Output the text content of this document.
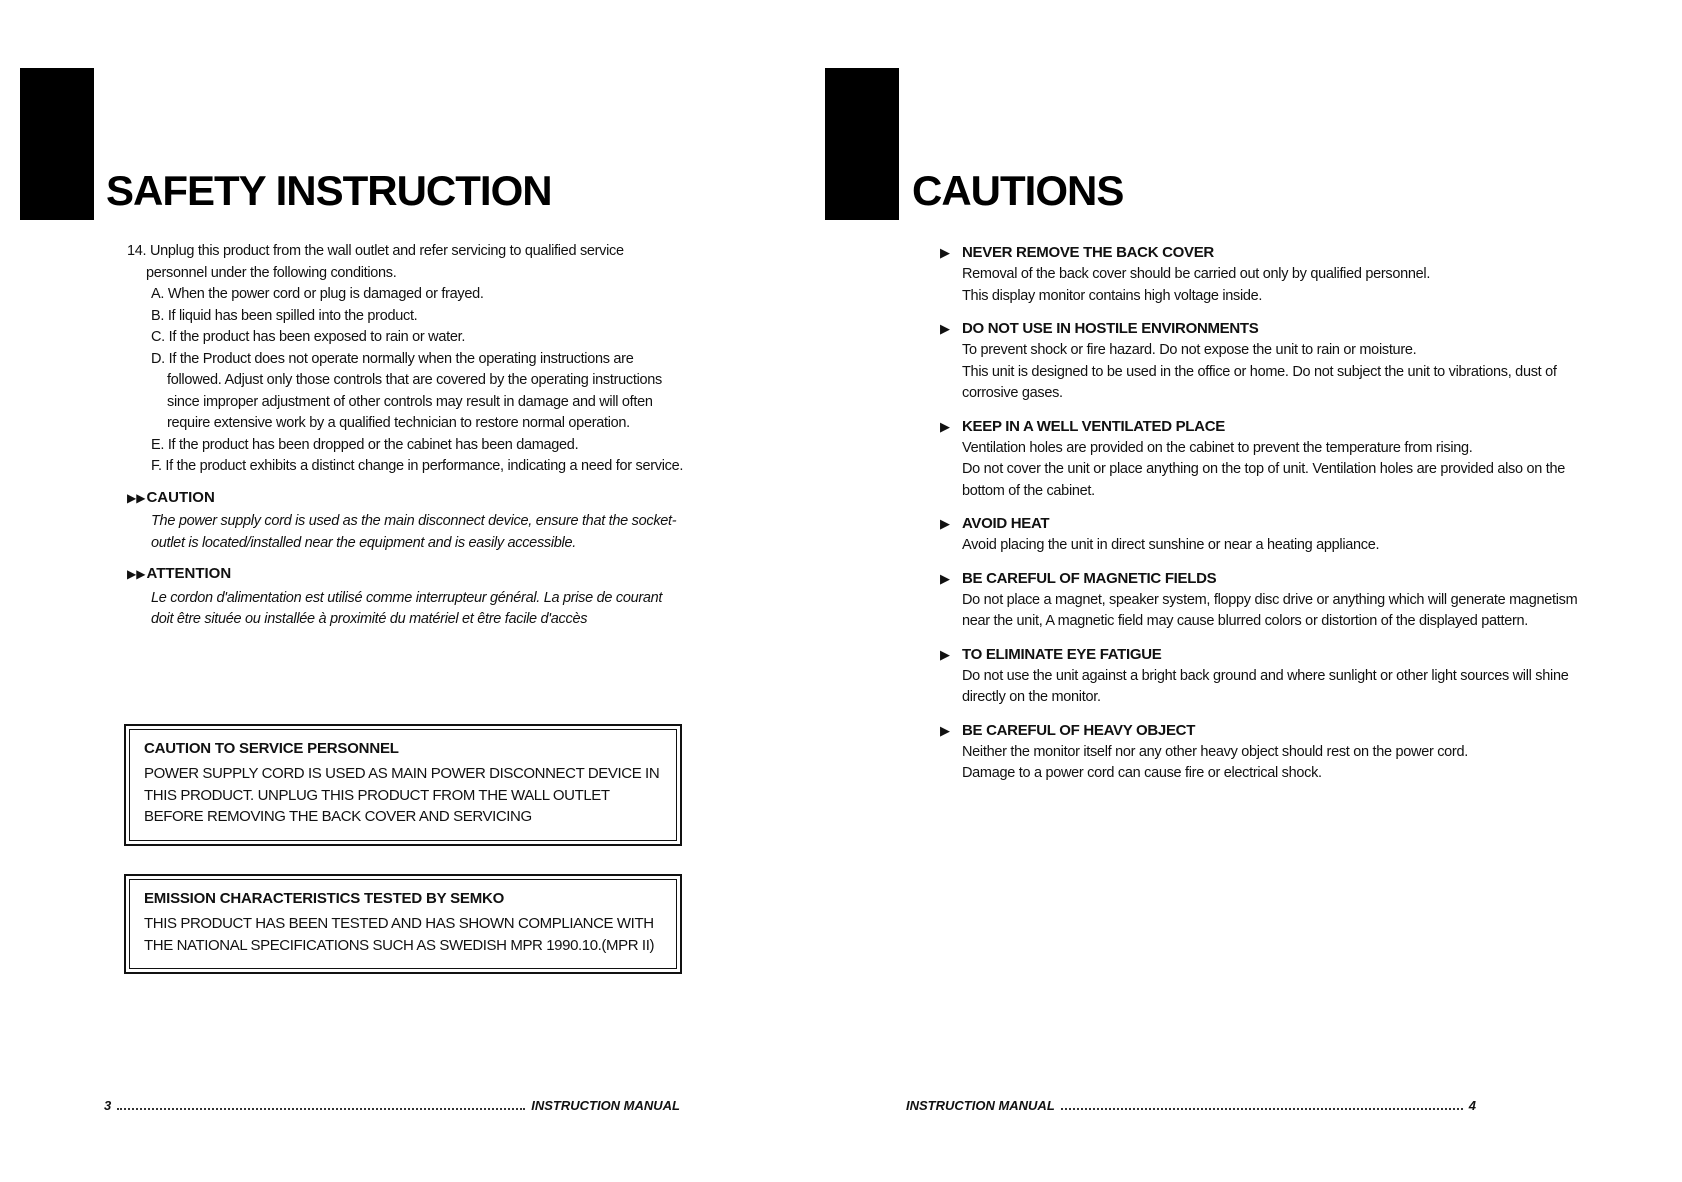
SAFETY INSTRUCTION

14. Unplug this product from the wall outlet and refer servicing to qualified service personnel under the following conditions.

A. When the power cord or plug is damaged or frayed.
B. If liquid has been spilled into the product.
C. If the product has been exposed to rain or water.
D. If the Product does not operate normally when the operating instructions are followed. Adjust only those controls that are covered by the operating instructions since improper adjustment of other controls may result in damage and will often require extensive work by a qualified technician to restore normal operation.
E. If the product has been dropped or the cabinet has been damaged.
F. If the product exhibits a distinct change in performance, indicating a need for service.
▶▶CAUTION

The power supply cord is used as the main disconnect device, ensure that the socket-outlet is located/installed near the equipment and is easily accessible.

▶▶ATTENTION

Le cordon d'alimentation est utilisé comme interrupteur général. La prise de courant doit être située ou installée à proximité du matériel et être facile d'accès

CAUTION TO SERVICE PERSONNEL

POWER SUPPLY CORD IS USED AS MAIN POWER DISCONNECT DEVICE IN THIS PRODUCT. UNPLUG THIS PRODUCT FROM THE WALL OUTLET BEFORE REMOVING THE BACK COVER AND SERVICING

EMISSION CHARACTERISTICS TESTED BY SEMKO

THIS PRODUCT HAS BEEN TESTED AND HAS SHOWN COMPLIANCE WITH THE NATIONAL SPECIFICATIONS SUCH AS SWEDISH MPR 1990.10.(MPR II)

3	INSTRUCTION MANUAL
CAUTIONS
▶ NEVER REMOVE THE BACK COVER

Removal of the back cover should be carried out only by qualified personnel.

This display monitor contains high voltage inside.

▶ DO NOT USE IN HOSTILE ENVIRONMENTS

To prevent shock or fire hazard. Do not expose the unit to rain or moisture.

This unit is designed to be used in the office or home. Do not subject the unit to vibrations, dust of corrosive gases.

▶ KEEP IN A WELL VENTILATED PLACE

Ventilation holes are provided on the cabinet to prevent the temperature from rising.

Do not cover the unit or place anything on the top of unit. Ventilation holes are provided also on the bottom of the cabinet.

▶ AVOID HEAT

Avoid placing the unit in direct sunshine or near a heating appliance.

▶ BE CAREFUL OF MAGNETIC FIELDS

Do not place a magnet, speaker system, floppy disc drive or anything which will generate magnetism near the unit, A magnetic field may cause blurred colors or distortion of the displayed pattern.

▶ TO ELIMINATE EYE FATIGUE

Do not use the unit against a bright back ground and where sunlight or other light sources will shine directly on the monitor.

▶ BE CAREFUL OF HEAVY OBJECT

Neither the monitor itself nor any other heavy object should rest on the power cord.

Damage to a power cord can cause fire or electrical shock.

INSTRUCTION MANUAL	4
